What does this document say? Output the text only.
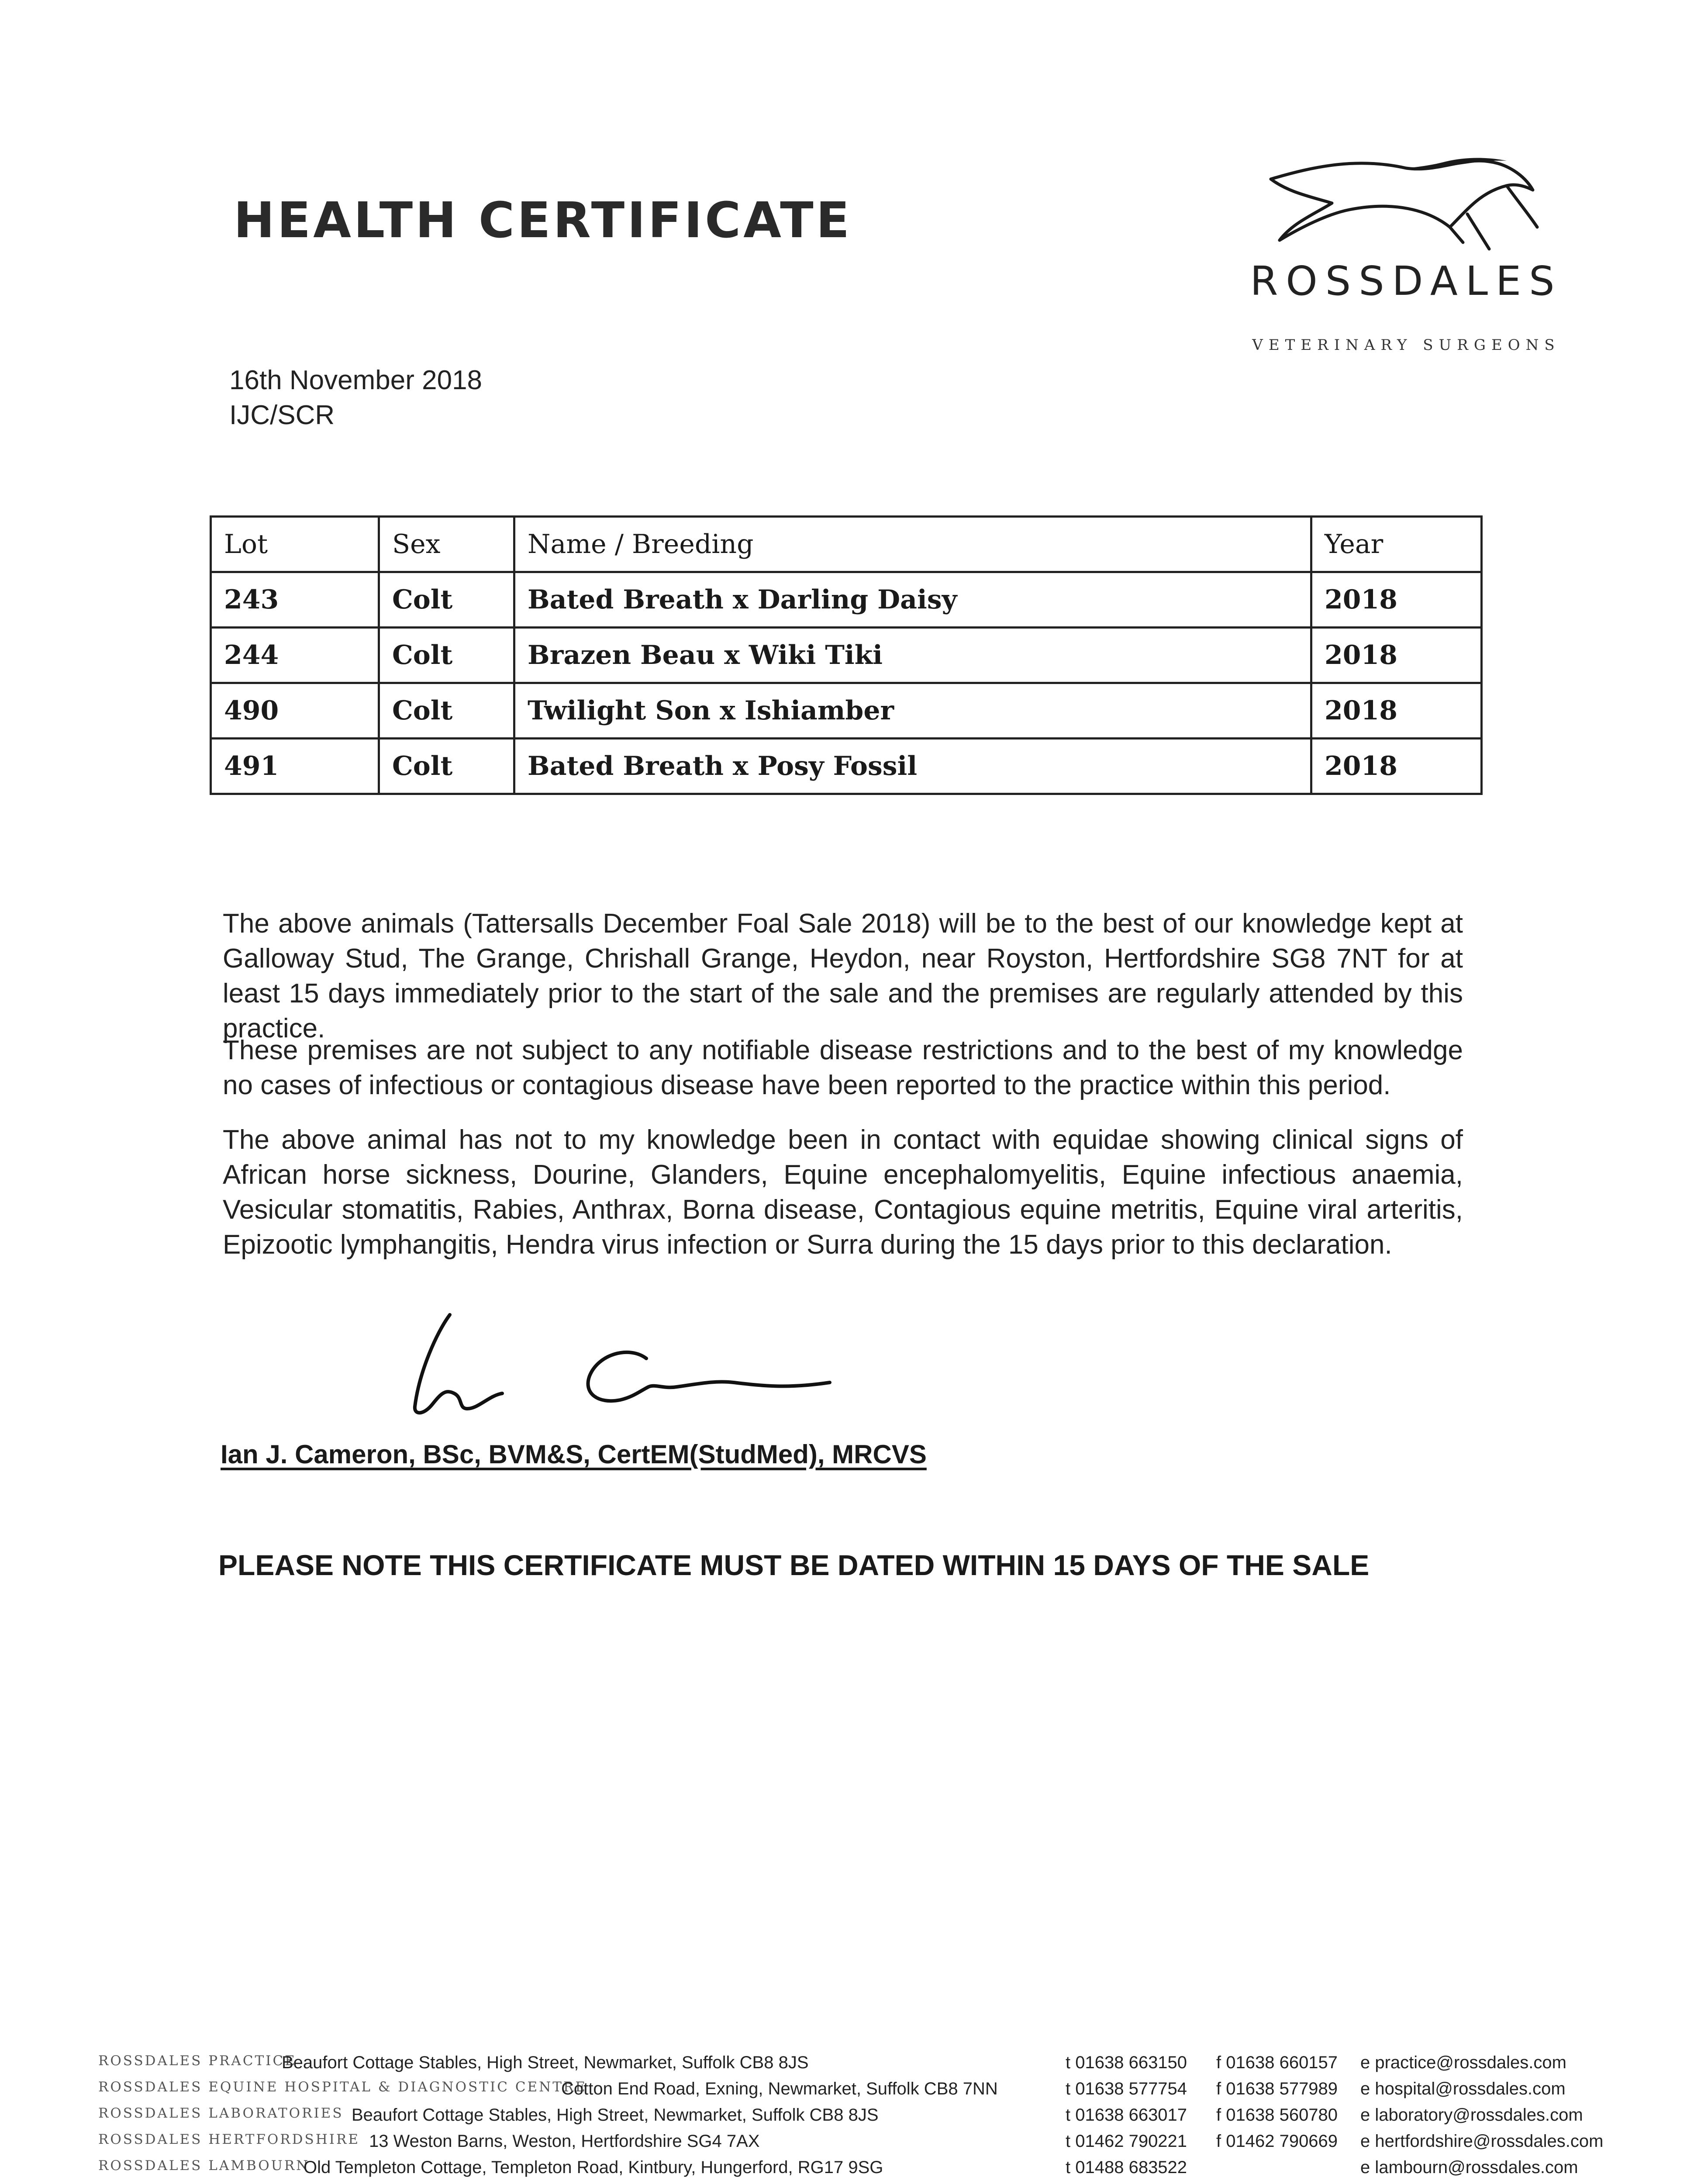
HEALTH CERTIFICATE
ROSSDALES
VETERINARY SURGEONS
16th November 2018
IJC/SCR
Lot	Sex	Name / Breeding	Year
243	Colt	Bated Breath x Darling Daisy	2018
244	Colt	Brazen Beau x Wiki Tiki	2018
490	Colt	Twilight Son x Ishiamber	2018
491	Colt	Bated Breath x Posy Fossil	2018
The above animals (Tattersalls December Foal Sale 2018) will be to the best of our knowledge kept at Galloway Stud, The Grange, Chrishall Grange, Heydon, near Royston, Hertfordshire SG8 7NT for at least 15 days immediately prior to the start of the sale and the premises are regularly attended by this practice.
These premises are not subject to any notifiable disease restrictions and to the best of my knowledge no cases of infectious or contagious disease have been reported to the practice within this period.
The above animal has not to my knowledge been in contact with equidae showing clinical signs of African horse sickness, Dourine, Glanders, Equine encephalomyelitis, Equine infectious anaemia, Vesicular stomatitis, Rabies, Anthrax, Borna disease, Contagious equine metritis, Equine viral arteritis, Epizootic lymphangitis, Hendra virus infection or Surra during the 15 days prior to this declaration.
Ian J. Cameron, BSc, BVM&S, CertEM(StudMed), MRCVS
PLEASE NOTE THIS CERTIFICATE MUST BE DATED WITHIN 15 DAYS OF THE SALE
ROSSDALES PRACTICE
Beaufort Cottage Stables, High Street, Newmarket, Suffolk CB8 8JS	t 01638 663150 f 01638 660157 e practice@rossdales.com
ROSSDALES EQUINE HOSPITAL & DIAGNOSTIC CENTRE
Cotton End Road, Exning, Newmarket, Suffolk CB8 7NN	t 01638 577754 f 01638 577989 e hospital@rossdales.com
ROSSDALES LABORATORIES Beaufort Cottage Stables, High Street, Newmarket, Suffolk CB8 8JS	t 01638 663017 f 01638 560780 e laboratory@rossdales.com
ROSSDALES HERTFORDSHIRE 13 Weston Barns, Weston, Hertfordshire SG4 7AX	t 01462 790221 f 01462 790669 e hertfordshire@rossdales.com
ROSSDALES LAMBOURN
Old Templeton Cottage, Templeton Road, Kintbury, Hungerford, RG17 9SG	t 01488 683522	e lambourn@rossdales.com
